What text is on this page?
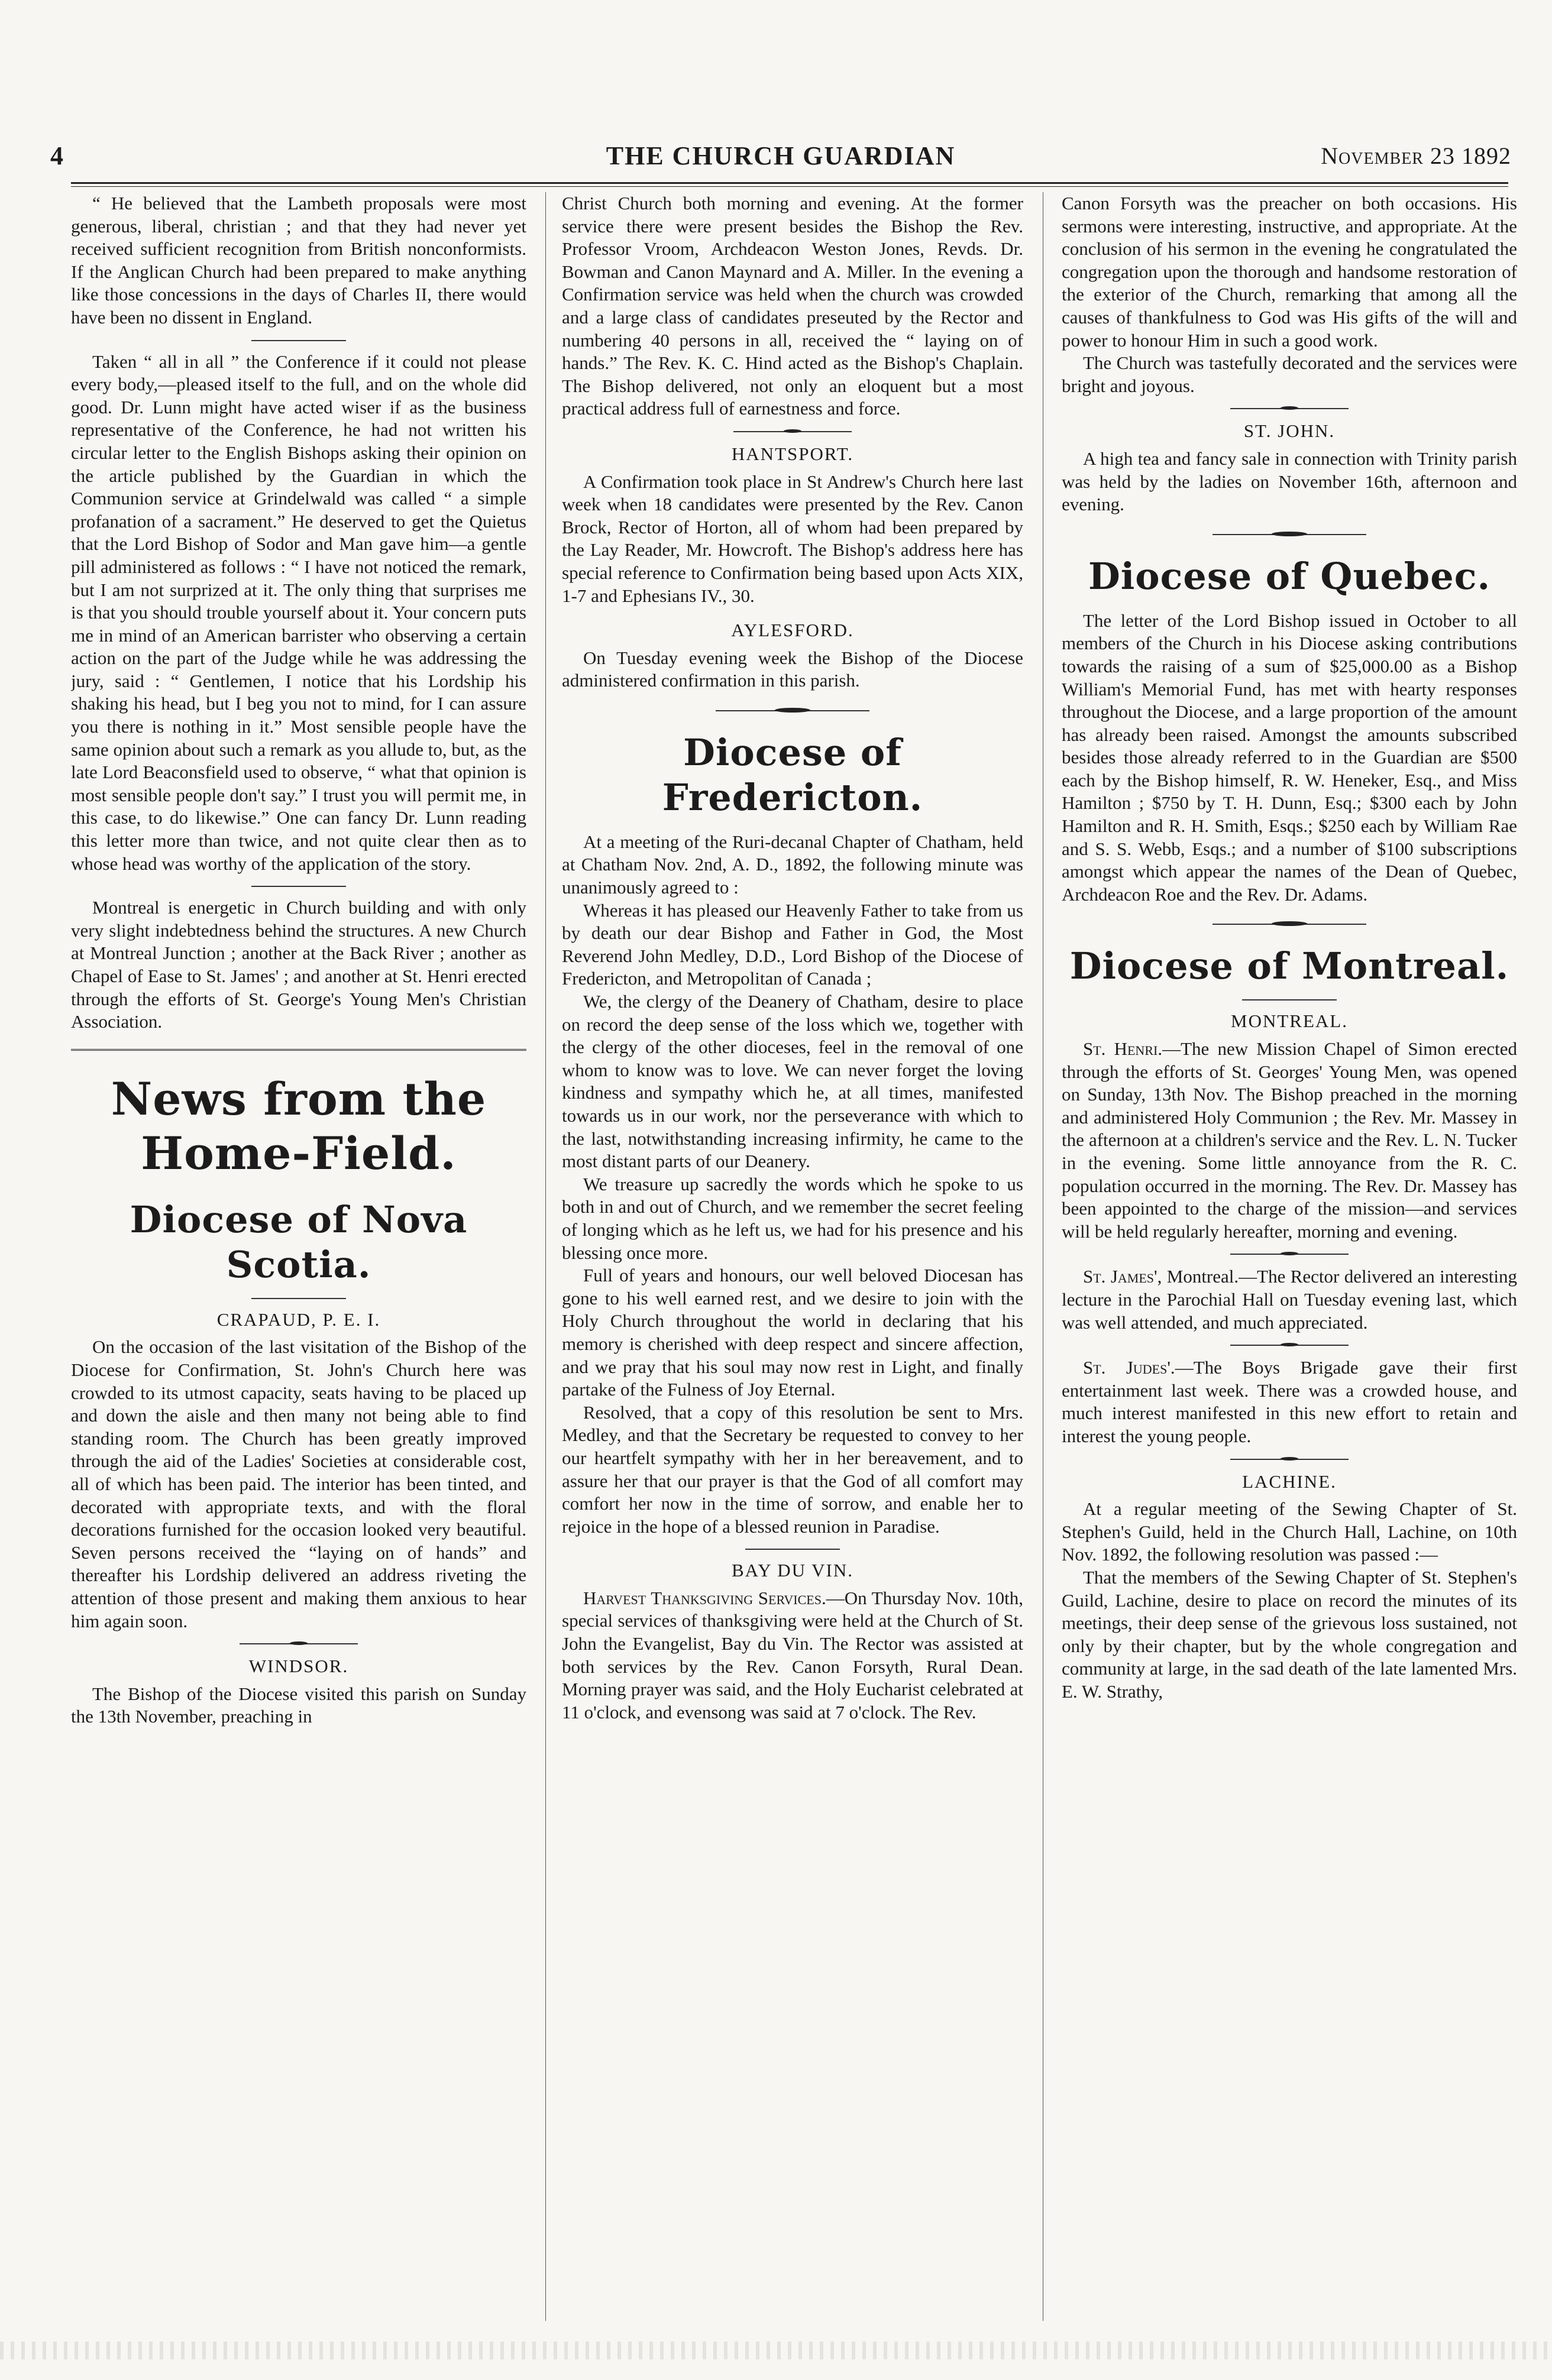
4	THE CHURCH GUARDIAN	November 23 1892

“ He believed that the Lambeth proposals were most generous, liberal, christian ; and that they had never yet received sufficient recognition from British nonconformists. If the Anglican Church had been prepared to make anything like those concessions in the days of Charles II, there would have been no dissent in England.

Taken “ all in all ” the Conference if it could not please every body,—pleased itself to the full, and on the whole did good. Dr. Lunn might have acted wiser if as the business representative of the Conference, he had not written his circular letter to the English Bishops asking their opinion on the article published by the Guardian in which the Communion service at Grindelwald was called “ a simple profanation of a sacrament.” He deserved to get the Quietus that the Lord Bishop of Sodor and Man gave him—a gentle pill administered as follows : “ I have not noticed the remark, but I am not surprized at it. The only thing that surprises me is that you should trouble yourself about it. Your concern puts me in mind of an American barrister who observing a certain action on the part of the Judge while he was addressing the jury, said : “ Gentlemen, I notice that his Lordship his shaking his head, but I beg you not to mind, for I can assure you there is nothing in it.” Most sensible people have the same opinion about such a remark as you allude to, but, as the late Lord Beaconsfield used to observe, “ what that opinion is most sensible people don't say.” I trust you will permit me, in this case, to do likewise.” One can fancy Dr. Lunn reading this letter more than twice, and not quite clear then as to whose head was worthy of the application of the story.

Montreal is energetic in Church building and with only very slight indebtedness behind the structures. A new Church at Montreal Junction ; another at the Back River ; another as Chapel of Ease to St. James' ; and another at St. Henri erected through the efforts of St. George's Young Men's Christian Association.

News from the Home-Field.
Diocese of Nova Scotia.

CRAPAUD, P. E. I.

On the occasion of the last visitation of the Bishop of the Diocese for Confirmation, St. John's Church here was crowded to its utmost capacity, seats having to be placed up and down the aisle and then many not being able to find standing room. The Church has been greatly improved through the aid of the Ladies' Societies at considerable cost, all of which has been paid. The interior has been tinted, and decorated with appropriate texts, and with the floral decorations furnished for the occasion looked very beautiful. Seven persons received the “laying on of hands” and thereafter his Lordship delivered an address riveting the attention of those present and making them anxious to hear him again soon.

WINDSOR.

The Bishop of the Diocese visited this parish on Sunday the 13th November, preaching in

Christ Church both morning and evening. At the former service there were present besides the Bishop the Rev. Professor Vroom, Archdeacon Weston Jones, Revds. Dr. Bowman and Canon Maynard and A. Miller. In the evening a Confirmation service was held when the church was crowded and a large class of candidates preseuted by the Rector and numbering 40 persons in all, received the “ laying on of hands.” The Rev. K. C. Hind acted as the Bishop's Chaplain. The Bishop delivered, not only an eloquent but a most practical address full of earnestness and force.

HANTSPORT.

A Confirmation took place in St Andrew's Church here last week when 18 candidates were presented by the Rev. Canon Brock, Rector of Horton, all of whom had been prepared by the Lay Reader, Mr. Howcroft. The Bishop's address here has special reference to Confirmation being based upon Acts XIX, 1-7 and Ephesians IV., 30.

AYLESFORD.

On Tuesday evening week the Bishop of the Diocese administered confirmation in this parish.

Diocese of Fredericton.

At a meeting of the Ruri-decanal Chapter of Chatham, held at Chatham Nov. 2nd, A. D., 1892, the following minute was unanimously agreed to :

Whereas it has pleased our Heavenly Father to take from us by death our dear Bishop and Father in God, the Most Reverend John Medley, D.D., Lord Bishop of the Diocese of Fredericton, and Metropolitan of Canada ;

We, the clergy of the Deanery of Chatham, desire to place on record the deep sense of the loss which we, together with the clergy of the other dioceses, feel in the removal of one whom to know was to love. We can never forget the loving kindness and sympathy which he, at all times, manifested towards us in our work, nor the perseverance with which to the last, notwithstanding increasing infirmity, he came to the most distant parts of our Deanery.

We treasure up sacredly the words which he spoke to us both in and out of Church, and we remember the secret feeling of longing which as he left us, we had for his presence and his blessing once more.

Full of years and honours, our well beloved Diocesan has gone to his well earned rest, and we desire to join with the Holy Church throughout the world in declaring that his memory is cherished with deep respect and sincere affection, and we pray that his soul may now rest in Light, and finally partake of the Fulness of Joy Eternal.

Resolved, that a copy of this resolution be sent to Mrs. Medley, and that the Secretary be requested to convey to her our heartfelt sympathy with her in her bereavement, and to assure her that our prayer is that the God of all comfort may comfort her now in the time of sorrow, and enable her to rejoice in the hope of a blessed reunion in Paradise.

BAY DU VIN.

Harvest Thanksgiving Services.—On Thursday Nov. 10th, special services of thanksgiving were held at the Church of St. John the Evangelist, Bay du Vin. The Rector was assisted at both services by the Rev. Canon Forsyth, Rural Dean. Morning prayer was said, and the Holy Eucharist celebrated at 11 o'clock, and evensong was said at 7 o'clock. The Rev.

Canon Forsyth was the preacher on both occasions. His sermons were interesting, instructive, and appropriate. At the conclusion of his sermon in the evening he congratulated the congregation upon the thorough and handsome restoration of the exterior of the Church, remarking that among all the causes of thankfulness to God was His gifts of the will and power to honour Him in such a good work.

The Church was tastefully decorated and the services were bright and joyous.

ST. JOHN.

A high tea and fancy sale in connection with Trinity parish was held by the ladies on November 16th, afternoon and evening.

Diocese of Quebec.

The letter of the Lord Bishop issued in October to all members of the Church in his Diocese asking contributions towards the raising of a sum of $25,000.00 as a Bishop William's Memorial Fund, has met with hearty responses throughout the Diocese, and a large proportion of the amount has already been raised. Amongst the amounts subscribed besides those already referred to in the Guardian are $500 each by the Bishop himself, R. W. Heneker, Esq., and Miss Hamilton ; $750 by T. H. Dunn, Esq.; $300 each by John Hamilton and R. H. Smith, Esqs.; $250 each by William Rae and S. S. Webb, Esqs.; and a number of $100 subscriptions amongst which appear the names of the Dean of Quebec, Archdeacon Roe and the Rev. Dr. Adams.

Diocese of Montreal.

MONTREAL.

St. Henri.—The new Mission Chapel of Simon erected through the efforts of St. Georges' Young Men, was opened on Sunday, 13th Nov. The Bishop preached in the morning and administered Holy Communion ; the Rev. Mr. Massey in the afternoon at a children's service and the Rev. L. N. Tucker in the evening. Some little annoyance from the R. C. population occurred in the morning. The Rev. Dr. Massey has been appointed to the charge of the mission—and services will be held regularly hereafter, morning and evening.

St. James', Montreal.—The Rector delivered an interesting lecture in the Parochial Hall on Tuesday evening last, which was well attended, and much appreciated.

St. Judes'.—The Boys Brigade gave their first entertainment last week. There was a crowded house, and much interest manifested in this new effort to retain and interest the young people.

LACHINE.

At a regular meeting of the Sewing Chapter of St. Stephen's Guild, held in the Church Hall, Lachine, on 10th Nov. 1892, the following resolution was passed :—

That the members of the Sewing Chapter of St. Stephen's Guild, Lachine, desire to place on record the minutes of its meetings, their deep sense of the grievous loss sustained, not only by their chapter, but by the whole congregation and community at large, in the sad death of the late lamented Mrs. E. W. Strathy,
